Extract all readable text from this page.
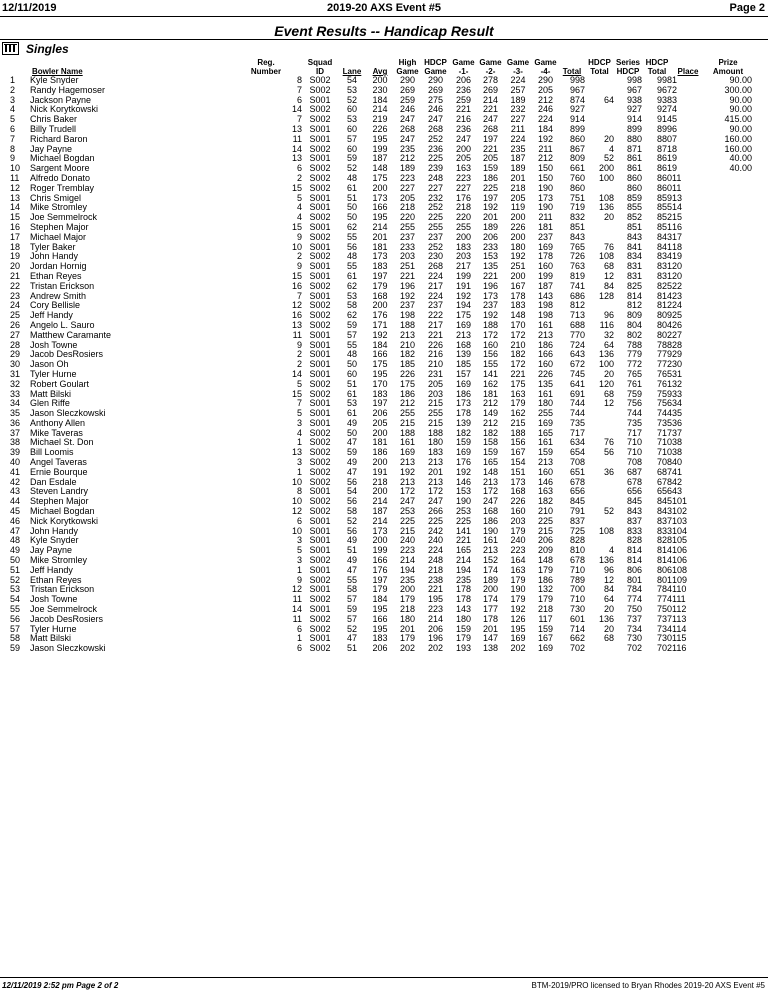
12/11/2019	2019-20 AXS Event #5	Page 2
Event Results -- Handicap Result
Singles
	Bowler Name	Reg.
Number	Squad
ID	Lane	Avg	High
Game	HDCP
Game	Game
-1-	Game
-2-	Game
-3-	Game
-4-	Total	HDCP
Total	Series
HDCP	HDCP
Total	Place	Prize
Amount

1	Kyle Snyder	8	S002	54	200	290	290	206	278	224	290	998		998	998	1	90.00
2	Randy Hagemoser	7	S002	53	230	269	269	236	269	257	205	967		967	967	2	300.00
3	Jackson Payne	6	S001	52	184	259	275	259	214	189	212	874	64	938	938	3	90.00
4	Nick Korytkowski	14	S002	60	214	246	246	221	221	232	246	927		927	927	4	90.00
5	Chris Baker	7	S002	53	219	247	247	216	247	227	224	914		914	914	5	415.00
6	Billy Trudell	13	S001	60	226	268	268	236	268	211	184	899		899	899	6	90.00
7	Richard Baron	11	S001	57	195	247	252	247	197	224	192	860	20	880	880	7	160.00
8	Jay Payne	14	S002	60	199	235	236	200	221	235	211	867	4	871	871	8	160.00
9	Michael Bogdan	13	S001	59	187	212	225	205	205	187	212	809	52	861	861	9	40.00
10	Sargent Moore	6	S002	52	148	189	239	163	159	189	150	661	200	861	861	9	40.00
11	Alfredo Donato	2	S002	48	175	223	248	223	186	201	150	760	100	860	860	11	
12	Roger Tremblay	15	S002	61	200	227	227	227	225	218	190	860		860	860	11	
13	Chris Smigel	5	S001	51	173	205	232	176	197	205	173	751	108	859	859	13	
14	Mike Stromley	4	S001	50	166	218	252	218	192	119	190	719	136	855	855	14	
15	Joe Semmelrock	4	S002	50	195	220	225	220	201	200	211	832	20	852	852	15	
16	Stephen Major	15	S001	62	214	255	255	255	189	226	181	851		851	851	16	
17	Michael Major	9	S002	55	201	237	237	200	206	200	237	843		843	843	17	
18	Tyler Baker	10	S001	56	181	233	252	183	233	180	169	765	76	841	841	18	
19	John Handy	2	S002	48	173	203	230	203	153	192	178	726	108	834	834	19	
20	Jordan Hornig	9	S001	55	183	251	268	217	135	251	160	763	68	831	831	20	
21	Ethan Reyes	15	S001	61	197	221	224	199	221	200	199	819	12	831	831	20	
22	Tristan Erickson	16	S002	62	179	196	217	191	196	167	187	741	84	825	825	22	
23	Andrew Smith	7	S001	53	168	192	224	192	173	178	143	686	128	814	814	23	
24	Cory Bellisle	12	S002	58	200	237	237	194	237	183	198	812		812	812	24	
25	Jeff Handy	16	S002	62	176	198	222	175	192	148	198	713	96	809	809	25	
26	Angelo L. Sauro	13	S002	59	171	188	217	169	188	170	161	688	116	804	804	26	
27	Matthew Caramante	11	S001	57	192	213	221	213	172	172	213	770	32	802	802	27	
28	Josh Towne	9	S001	55	184	210	226	168	160	210	186	724	64	788	788	28	
29	Jacob DesRosiers	2	S001	48	166	182	216	139	156	182	166	643	136	779	779	29	
30	Jason Oh	2	S001	50	175	185	210	185	155	172	160	672	100	772	772	30	
31	Tyler Hurne	14	S001	60	195	226	231	157	141	221	226	745	20	765	765	31	
32	Robert Goulart	5	S002	51	170	175	205	169	162	175	135	641	120	761	761	32	
33	Matt Bilski	15	S002	61	183	186	203	186	181	163	161	691	68	759	759	33	
34	Glen Riffe	7	S001	53	197	212	215	173	212	179	180	744	12	756	756	34	
35	Jason Sleczkowski	5	S001	61	206	255	255	178	149	162	255	744		744	744	35	
36	Anthony Allen	3	S001	49	205	215	215	139	212	215	169	735		735	735	36	
37	Mike Taveras	4	S002	50	200	188	188	182	182	188	165	717		717	717	37	
38	Michael St. Don	1	S002	47	181	161	180	159	158	156	161	634	76	710	710	38	
39	Bill Loomis	13	S002	59	186	169	183	169	159	167	159	654	56	710	710	38	
40	Angel Taveras	3	S002	49	200	213	213	176	165	154	213	708		708	708	40	
41	Ernie Bourque	1	S002	47	191	192	201	192	148	151	160	651	36	687	687	41	
42	Dan Esdale	10	S002	56	218	213	213	146	213	173	146	678		678	678	42	
43	Steven Landry	8	S001	54	200	172	172	153	172	168	163	656		656	656	43	
44	Stephen Major	10	S002	56	214	247	247	190	247	226	182	845		845	845	101	
45	Michael Bogdan	12	S002	58	187	253	266	253	168	160	210	791	52	843	843	102	
46	Nick Korytkowski	6	S001	52	214	225	225	225	186	203	225	837		837	837	103	
47	John Handy	10	S001	56	173	215	242	141	190	179	215	725	108	833	833	104	
48	Kyle Snyder	3	S001	49	200	240	240	221	161	240	206	828		828	828	105	
49	Jay Payne	5	S001	51	199	223	224	165	213	223	209	810	4	814	814	106	
50	Mike Stromley	3	S002	49	166	214	248	214	152	164	148	678	136	814	814	106	
51	Jeff Handy	1	S001	47	176	194	218	194	174	163	179	710	96	806	806	108	
52	Ethan Reyes	9	S002	55	197	235	238	235	189	179	186	789	12	801	801	109	
53	Tristan Erickson	12	S001	58	179	200	221	178	200	190	132	700	84	784	784	110	
54	Josh Towne	11	S002	57	184	179	195	178	174	179	179	710	64	774	774	111	
55	Joe Semmelrock	14	S001	59	195	218	223	143	177	192	218	730	20	750	750	112	
56	Jacob DesRosiers	11	S002	57	166	180	214	180	178	126	117	601	136	737	737	113	
57	Tyler Hurne	6	S002	52	195	201	206	159	201	195	159	714	20	734	734	114	
58	Matt Bilski	1	S001	47	183	179	196	179	147	169	167	662	68	730	730	115	
59	Jason Sleczkowski	6	S002	51	206	202	202	193	138	202	169	702		702	702	116	
12/11/2019 2:52 pm Page 2 of 2	BTM-2019/PRO licensed to Bryan Rhodes 2019-20 AXS Event #5
